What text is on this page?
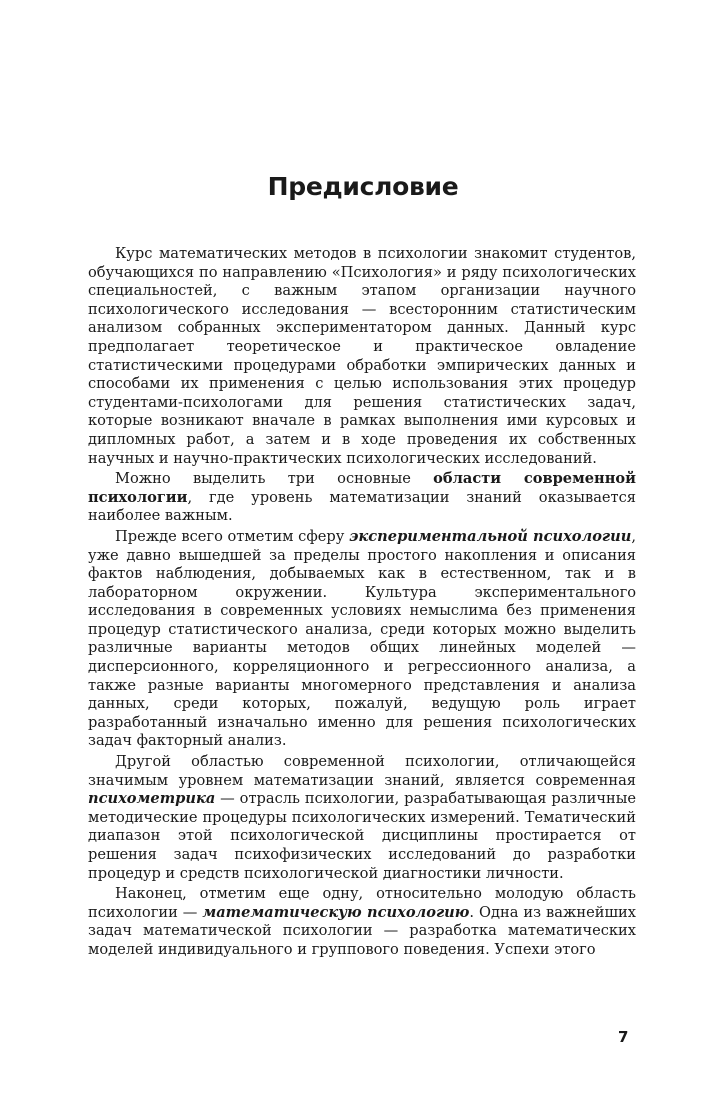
Предисловие

Курс математических методов в психологии знакомит студентов, обучающихся по направлению «Психология» и ряду психологических специальностей, с важным этапом организации научного психологического исследования — всесторонним статистическим анализом собранных экспериментатором данных. Данный курс предполагает теоретическое и практическое овладение статистическими процедурами обработки эмпирических данных и способами их применения с целью использования этих процедур студентами-психологами для решения статистических задач, которые возникают вначале в рамках выполнения ими курсовых и дипломных работ, а затем и в ходе проведения их собственных научных и научно-практических психологических исследований.

Можно выделить три основные области современной психологии, где уровень математизации знаний оказывается наиболее важным.

Прежде всего отметим сферу экспериментальной психологии, уже давно вышедшей за пределы простого накопления и описания фактов наблюдения, добываемых как в естественном, так и в лабораторном окружении. Культура экспериментального исследования в современных условиях немыслима без применения процедур статистического анализа, среди которых можно выделить различные варианты методов общих линейных моделей — дисперсионного, корреляционного и регрессионного анализа, а также разные варианты многомерного представления и анализа данных, среди которых, пожалуй, ведущую роль играет разработанный изначально именно для решения психологических задач факторный анализ.

Другой областью современной психологии, отличающейся значимым уровнем математизации знаний, является современная психометрика — отрасль психологии, разрабатывающая различные методические процедуры психологических измерений. Тематический диапазон этой психологической дисциплины простирается от решения задач психофизических исследований до разработки процедур и средств психологической диагностики личности.

Наконец, отметим еще одну, относительно молодую область психологии — математическую психологию. Одна из важнейших задач математической психологии — разработка математических моделей индивидуального и группового поведения. Успехи этого

7
